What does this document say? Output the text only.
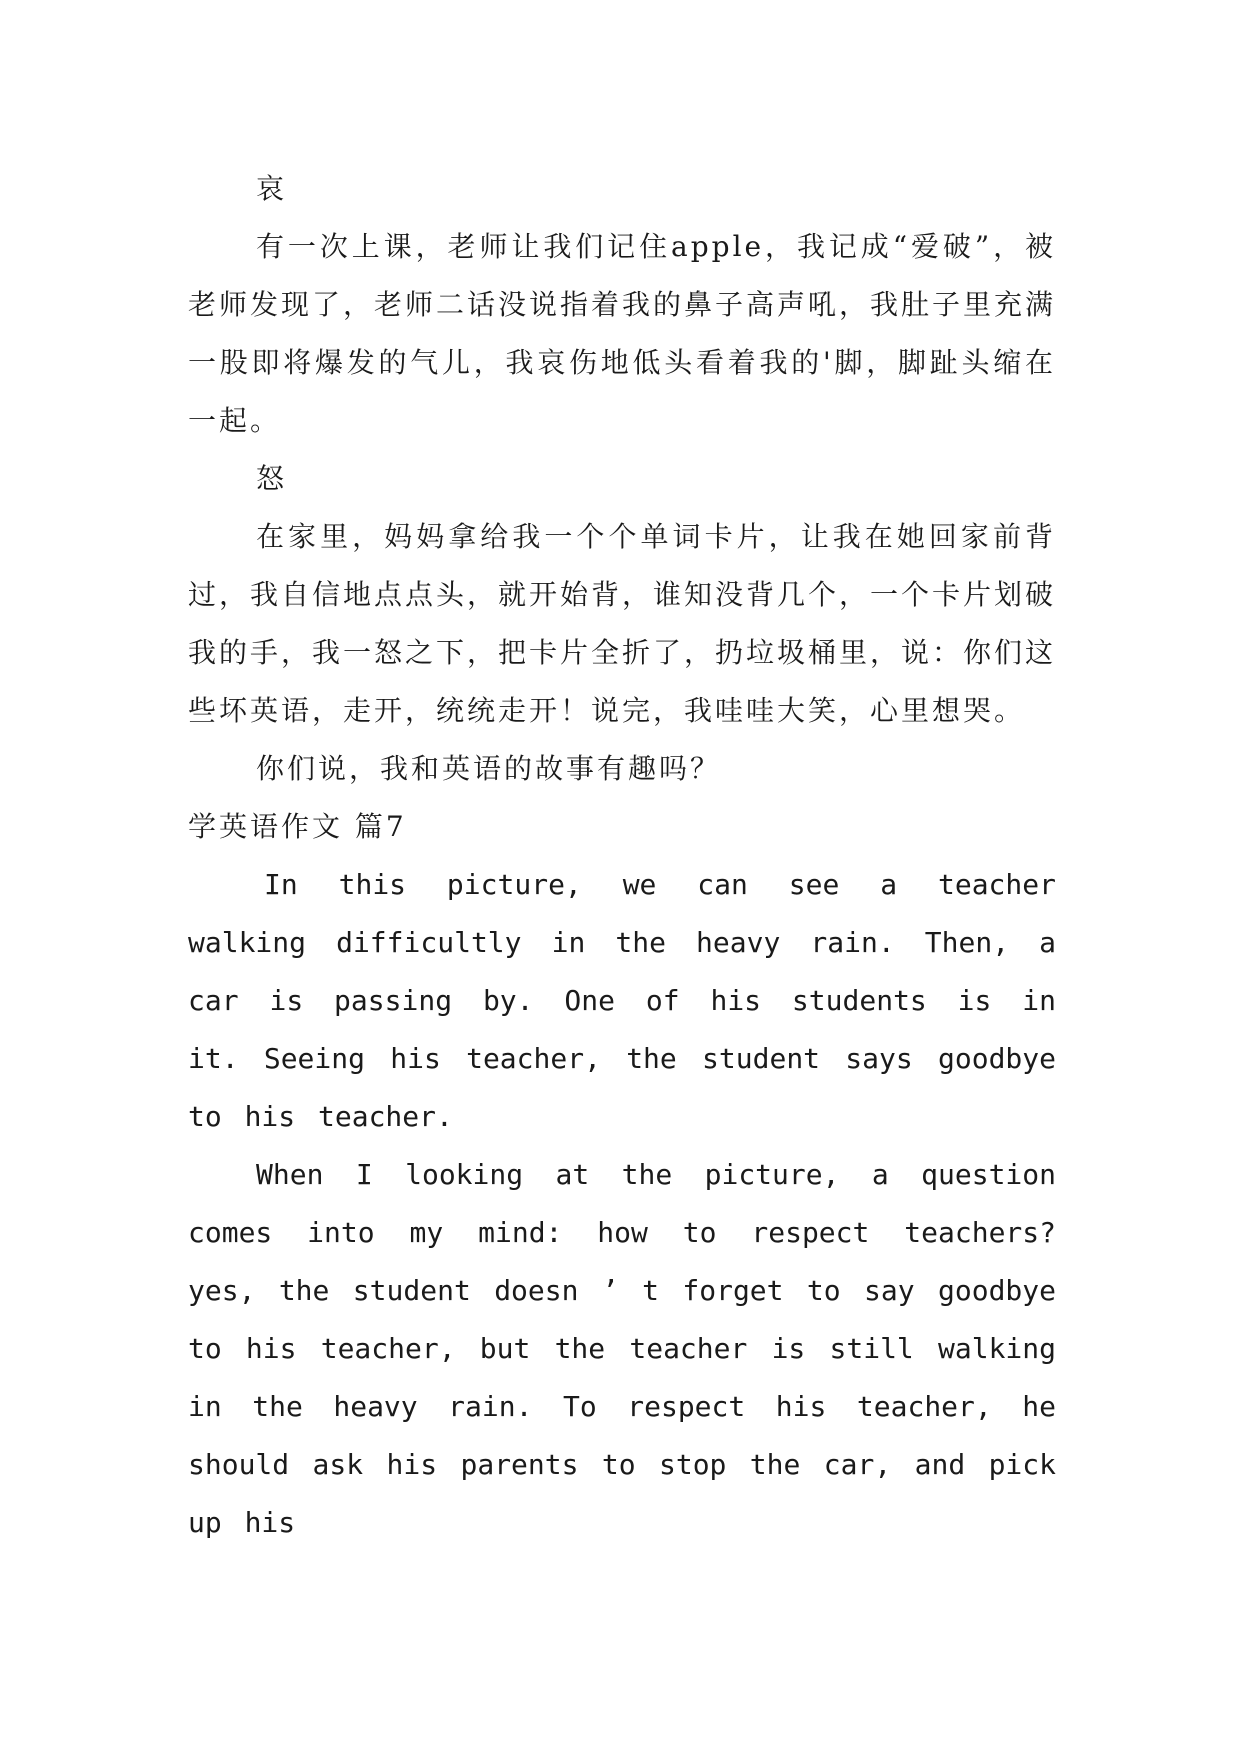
哀

有一次上课，老师让我们记住apple，我记成“爱破”，被老师发现了，老师二话没说指着我的鼻子高声吼，我肚子里充满一股即将爆发的气儿，我哀伤地低头看着我的'脚，脚趾头缩在一起。

怒

在家里，妈妈拿给我一个个单词卡片，让我在她回家前背过，我自信地点点头，就开始背，谁知没背几个，一个卡片划破我的手，我一怒之下，把卡片全折了，扔垃圾桶里，说：你们这些坏英语，走开，统统走开！说完，我哇哇大笑，心里想哭。

你们说，我和英语的故事有趣吗？

学英语作文 篇7

In this picture, we can see a teacher walking difficultly in the heavy rain. Then, a car is passing by. One of his students is in it. Seeing his teacher, the student says goodbye to his teacher.

When I looking at the picture, a question comes into my mind: how to respect teachers? yes, the student doesn ’ t forget to say goodbye to his teacher, but the teacher is still walking in the heavy rain. To respect his teacher, he should ask his parents to stop the car, and pick up his
